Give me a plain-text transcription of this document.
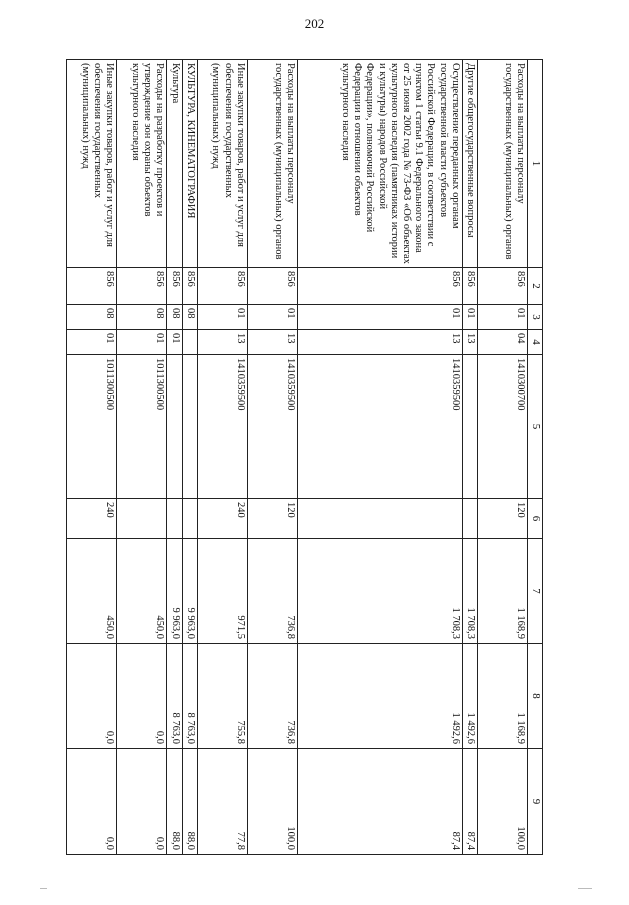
202
1	2	3	4	5	6	7	8	9
Расходы на выплаты персоналу государственных (муниципальных) органов	856	01	04	1410300700	120	1 168,9	1 168,9	100,0
Другие общегосударственные вопросы	856	01	13			1 708,3	1 492,6	87,4
Осуществление переданных органам государственной власти субъектов Российской Федерации, в соответствии с пунктом 1 статьи 9.1 Федерального закона от 25 июня 2002 года № 73-ФЗ «Об объектах культурного наследия (памятниках истории и культуры) народов Российской Федерации», полномочий Российской Федерации в отношении объектов культурного наследия	856	01	13	1410359500		1 708,3	1 492,6	87,4
Расходы на выплаты персоналу государственных (муниципальных) органов	856	01	13	1410359500	120	736,8	736,8	100,0
Иные закупки товаров, работ и услуг для обеспечения государственных (муниципальных) нужд	856	01	13	1410359500	240	971,5	755,8	77,8
КУЛЬТУРА, КИНЕМАТОГРАФИЯ	856	08				9 963,0	8 763,0	88,0
Культура	856	08	01			9 963,0	8 763,0	88,0
Расходы на разработку проектов и утверждение зон охраны объектов культурного наследия	856	08	01	1011300500		450,0	0,0	0,0
Иные закупки товаров, работ и услуг для обеспечения государственных (муниципальных) нужд	856	08	01	1011300500	240	450,0	0,0	0,0
